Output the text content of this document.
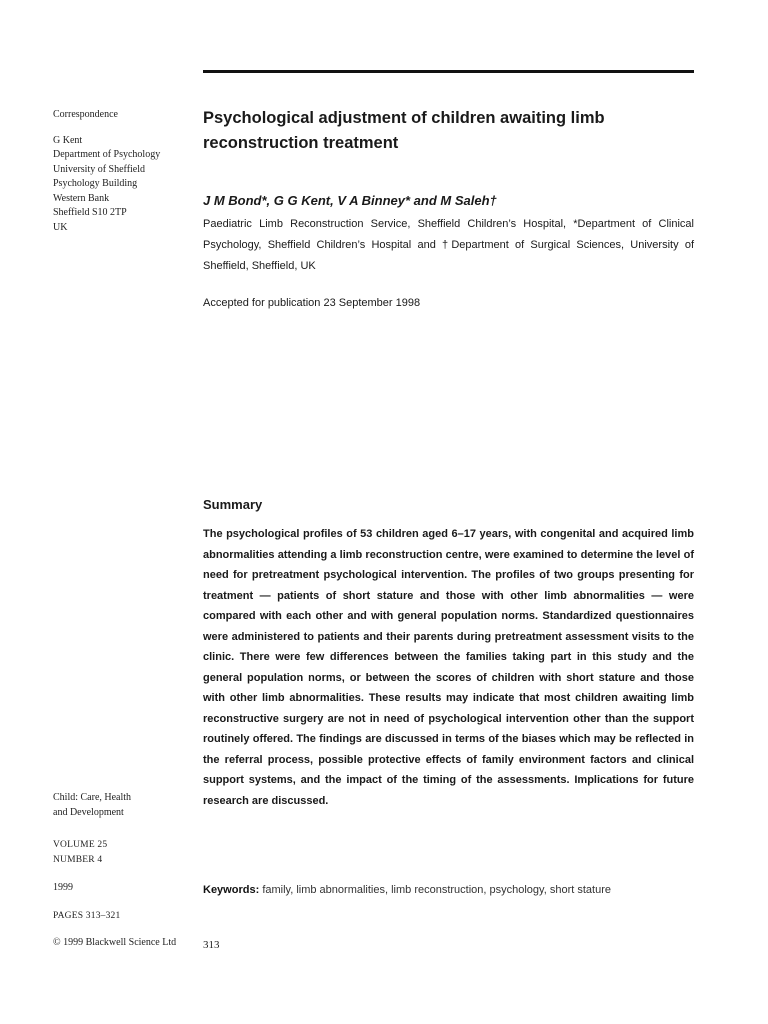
Correspondence
G Kent
Department of Psychology
University of Sheffield
Psychology Building
Western Bank
Sheffield S10 2TP
UK
Child: Care, Health
and Development
VOLUME 25
NUMBER 4
1999
PAGES 313–321
© 1999 Blackwell Science Ltd
Psychological adjustment of children awaiting limb reconstruction treatment

J M Bond*, G G Kent, V A Binney* and M Saleh†

Paediatric Limb Reconstruction Service, Sheffield Children’s Hospital, *Department of Clinical Psychology, Sheffield Children’s Hospital and †Department of Surgical Sciences, University of Sheffield, Sheffield, UK

Accepted for publication 23 September 1998

Summary

The psychological profiles of 53 children aged 6–17 years, with congenital and acquired limb abnormalities attending a limb reconstruction centre, were examined to determine the level of need for pretreatment psychological intervention. The profiles of two groups presenting for treatment — patients of short stature and those with other limb abnormalities — were compared with each other and with general population norms. Standardized questionnaires were administered to patients and their parents during pretreatment assessment visits to the clinic. There were few differences between the families taking part in this study and the general population norms, or between the scores of children with short stature and those with other limb abnormalities. These results may indicate that most children awaiting limb reconstructive surgery are not in need of psychological intervention other than the support routinely offered. The findings are discussed in terms of the biases which may be reflected in the referral process, possible protective effects of family environment factors and clinical support systems, and the impact of the timing of the assessments. Implications for future research are discussed.

Keywords: family, limb abnormalities, limb reconstruction, psychology, short stature

313
